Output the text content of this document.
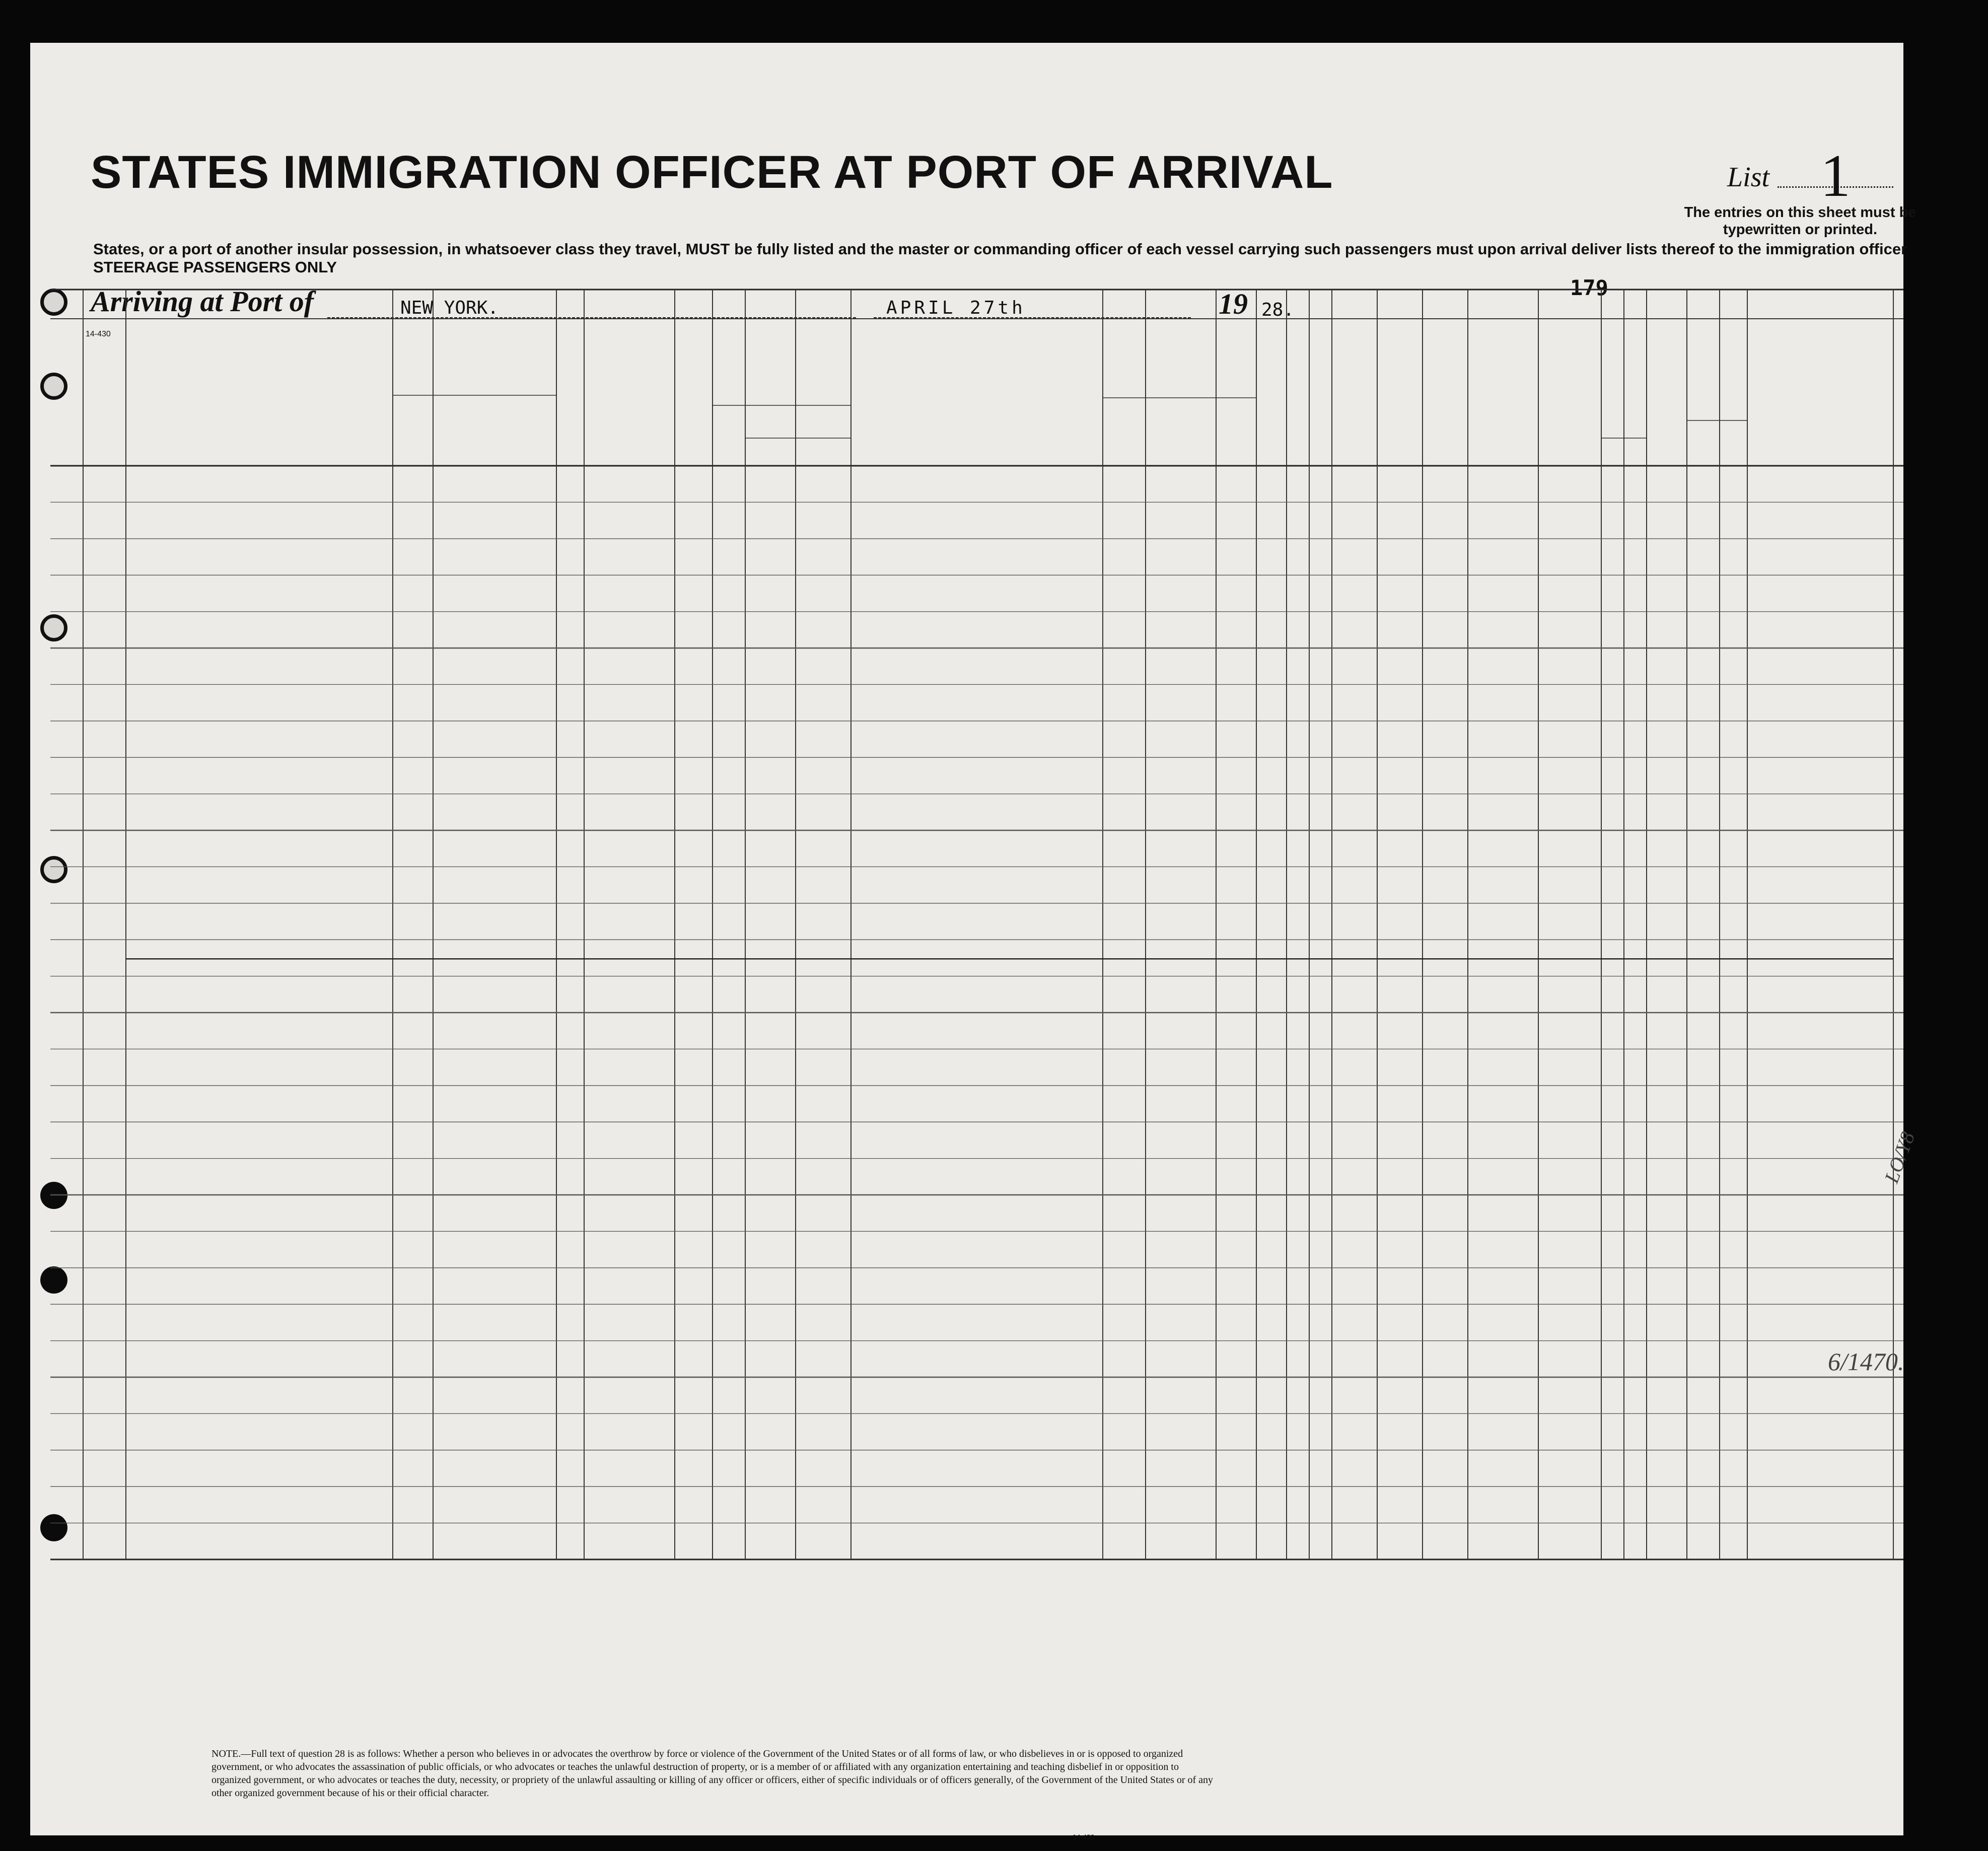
STATES IMMIGRATION OFFICER AT PORT OF ARRIVAL
States, or a port of another insular possession, in whatsoever class they travel, MUST be fully listed and the master or commanding officer of each vessel carrying such passengers must upon arrival deliver lists thereof to the immigration officer
STEERAGE PASSENGERS ONLY
Arriving at Port of	NEW YORK.	APRIL 27th	19 28.
List 1
The entries on this sheet must be typewritten or printed.
179
14-430
LO/Y8
6/1470.
NOTE.—Full text of question 28 is as follows: Whether a person who believes in or advocates the overthrow by force or violence of the Government of the United States or of all forms of law, or who disbelieves in or is opposed to organized government, or who advocates the assassination of public officials, or who advocates or teaches the unlawful destruction of property, or is a member of or affiliated with any organization entertaining and teaching disbelief in or opposition to organized government, or who advocates or teaches the duty, necessity, or propriety of the unlawful assaulting or killing of any officer or officers, either of specific individuals or of officers generally, of the Government of the United States or of any other organized government because of his or their official character.
14-430
